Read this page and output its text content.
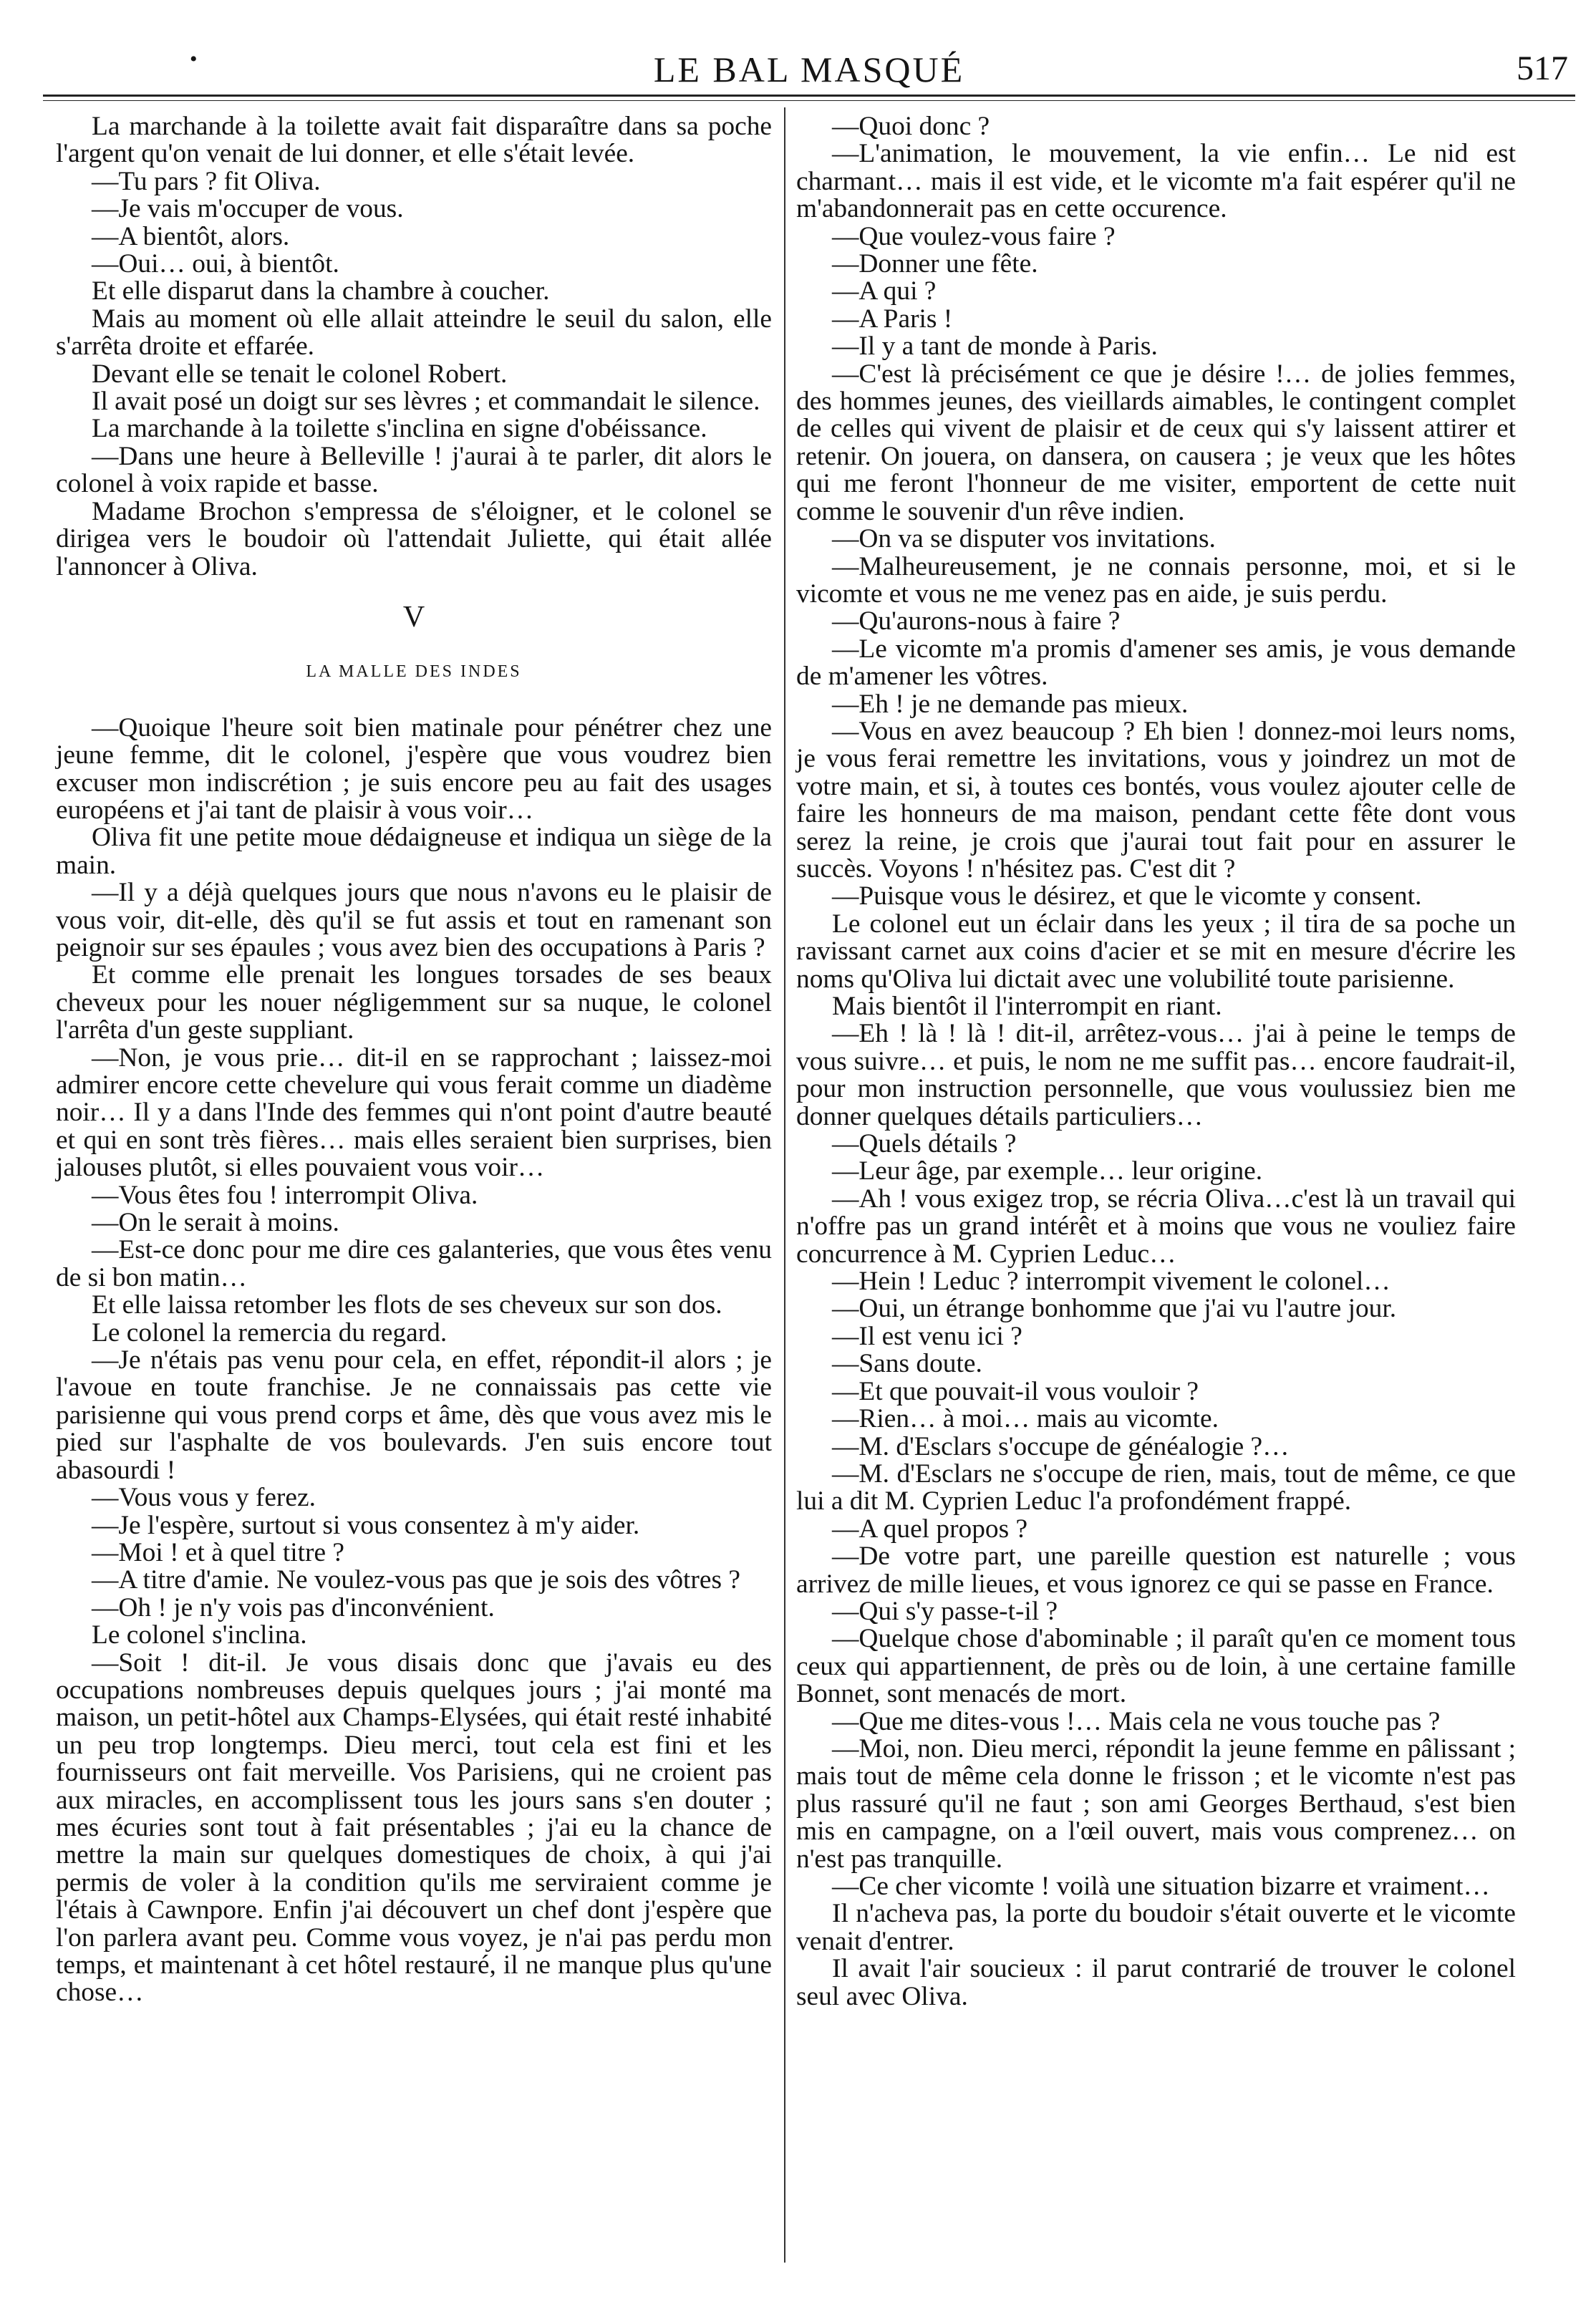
•	LE BAL MASQUÉ	517

La marchande à la toilette avait fait disparaître dans sa poche l'argent qu'on venait de lui donner, et elle s'était levée.

—Tu pars ? fit Oliva.

—Je vais m'occuper de vous.

—A bientôt, alors.

—Oui… oui, à bientôt.

Et elle disparut dans la chambre à coucher.

Mais au moment où elle allait atteindre le seuil du salon, elle s'arrêta droite et effarée.

Devant elle se tenait le colonel Robert.

Il avait posé un doigt sur ses lèvres ; et commandait le silence.

La marchande à la toilette s'inclina en signe d'obéissance.

—Dans une heure à Belleville ! j'aurai à te parler, dit alors le colonel à voix rapide et basse.

Madame Brochon s'empressa de s'éloigner, et le colonel se dirigea vers le boudoir où l'attendait Juliette, qui était allée l'annoncer à Oliva.

V

LA MALLE DES INDES

—Quoique l'heure soit bien matinale pour pénétrer chez une jeune femme, dit le colonel, j'espère que vous voudrez bien excuser mon indiscrétion ; je suis encore peu au fait des usages européens et j'ai tant de plaisir à vous voir…

Oliva fit une petite moue dédaigneuse et indiqua un siège de la main.

—Il y a déjà quelques jours que nous n'avons eu le plaisir de vous voir, dit-elle, dès qu'il se fut assis et tout en ramenant son peignoir sur ses épaules ; vous avez bien des occupations à Paris ?

Et comme elle prenait les longues torsades de ses beaux cheveux pour les nouer négligemment sur sa nuque, le colonel l'arrêta d'un geste suppliant.

—Non, je vous prie… dit-il en se rapprochant ; laissez-moi admirer encore cette chevelure qui vous ferait comme un diadème noir… Il y a dans l'Inde des femmes qui n'ont point d'autre beauté et qui en sont très fières… mais elles seraient bien surprises, bien jalouses plutôt, si elles pouvaient vous voir…

—Vous êtes fou ! interrompit Oliva.

—On le serait à moins.

—Est-ce donc pour me dire ces galanteries, que vous êtes venu de si bon matin…

Et elle laissa retomber les flots de ses cheveux sur son dos.

Le colonel la remercia du regard.

—Je n'étais pas venu pour cela, en effet, répondit-il alors ; je l'avoue en toute franchise. Je ne connaissais pas cette vie parisienne qui vous prend corps et âme, dès que vous avez mis le pied sur l'asphalte de vos boulevards. J'en suis encore tout abasourdi !

—Vous vous y ferez.

—Je l'espère, surtout si vous consentez à m'y aider.

—Moi ! et à quel titre ?

—A titre d'amie. Ne voulez-vous pas que je sois des vôtres ?

—Oh ! je n'y vois pas d'inconvénient.

Le colonel s'inclina.

—Soit ! dit-il. Je vous disais donc que j'avais eu des occupations nombreuses depuis quelques jours ; j'ai monté ma maison, un petit-hôtel aux Champs-Elysées, qui était resté inhabité un peu trop longtemps. Dieu merci, tout cela est fini et les fournisseurs ont fait merveille. Vos Parisiens, qui ne croient pas aux miracles, en accomplissent tous les jours sans s'en douter ; mes écuries sont tout à fait présentables ; j'ai eu la chance de mettre la main sur quelques domestiques de choix, à qui j'ai permis de voler à la condition qu'ils me serviraient comme je l'étais à Cawnpore. Enfin j'ai découvert un chef dont j'espère que l'on parlera avant peu. Comme vous voyez, je n'ai pas perdu mon temps, et maintenant à cet hôtel restauré, il ne manque plus qu'une chose…

—Quoi donc ?

—L'animation, le mouvement, la vie enfin… Le nid est charmant… mais il est vide, et le vicomte m'a fait espérer qu'il ne m'abandonnerait pas en cette occurence.

—Que voulez-vous faire ?

—Donner une fête.

—A qui ?

—A Paris !

—Il y a tant de monde à Paris.

—C'est là précisément ce que je désire !… de jolies femmes, des hommes jeunes, des vieillards aimables, le contingent complet de celles qui vivent de plaisir et de ceux qui s'y laissent attirer et retenir. On jouera, on dansera, on causera ; je veux que les hôtes qui me feront l'honneur de me visiter, emportent de cette nuit comme le souvenir d'un rêve indien.

—On va se disputer vos invitations.

—Malheureusement, je ne connais personne, moi, et si le vicomte et vous ne me venez pas en aide, je suis perdu.

—Qu'aurons-nous à faire ?

—Le vicomte m'a promis d'amener ses amis, je vous demande de m'amener les vôtres.

—Eh ! je ne demande pas mieux.

—Vous en avez beaucoup ? Eh bien ! donnez-moi leurs noms, je vous ferai remettre les invitations, vous y joindrez un mot de votre main, et si, à toutes ces bontés, vous voulez ajouter celle de faire les honneurs de ma maison, pendant cette fête dont vous serez la reine, je crois que j'aurai tout fait pour en assurer le succès. Voyons ! n'hésitez pas. C'est dit ?

—Puisque vous le désirez, et que le vicomte y consent.

Le colonel eut un éclair dans les yeux ; il tira de sa poche un ravissant carnet aux coins d'acier et se mit en mesure d'écrire les noms qu'Oliva lui dictait avec une volubilité toute parisienne.

Mais bientôt il l'interrompit en riant.

—Eh ! là ! là ! dit-il, arrêtez-vous… j'ai à peine le temps de vous suivre… et puis, le nom ne me suffit pas… encore faudrait-il, pour mon instruction personnelle, que vous voulussiez bien me donner quelques détails particuliers…

—Quels détails ?

—Leur âge, par exemple… leur origine.

—Ah ! vous exigez trop, se récria Oliva…c'est là un travail qui n'offre pas un grand intérêt et à moins que vous ne vouliez faire concurrence à M. Cyprien Leduc…

—Hein ! Leduc ? interrompit vivement le colonel…

—Oui, un étrange bonhomme que j'ai vu l'autre jour.

—Il est venu ici ?

—Sans doute.

—Et que pouvait-il vous vouloir ?

—Rien… à moi… mais au vicomte.

—M. d'Esclars s'occupe de généalogie ?…

—M. d'Esclars ne s'occupe de rien, mais, tout de même, ce que lui a dit M. Cyprien Leduc l'a profondément frappé.

—A quel propos ?

—De votre part, une pareille question est naturelle ; vous arrivez de mille lieues, et vous ignorez ce qui se passe en France.

—Qui s'y passe-t-il ?

—Quelque chose d'abominable ; il paraît qu'en ce moment tous ceux qui appartiennent, de près ou de loin, à une certaine famille Bonnet, sont menacés de mort.

—Que me dites-vous !… Mais cela ne vous touche pas ?

—Moi, non. Dieu merci, répondit la jeune femme en pâlissant ; mais tout de même cela donne le frisson ; et le vicomte n'est pas plus rassuré qu'il ne faut ; son ami Georges Berthaud, s'est bien mis en campagne, on a l'œil ouvert, mais vous comprenez… on n'est pas tranquille.

—Ce cher vicomte ! voilà une situation bizarre et vraiment…

Il n'acheva pas, la porte du boudoir s'était ouverte et le vicomte venait d'entrer.

Il avait l'air soucieux : il parut contrarié de trouver le colonel seul avec Oliva.
